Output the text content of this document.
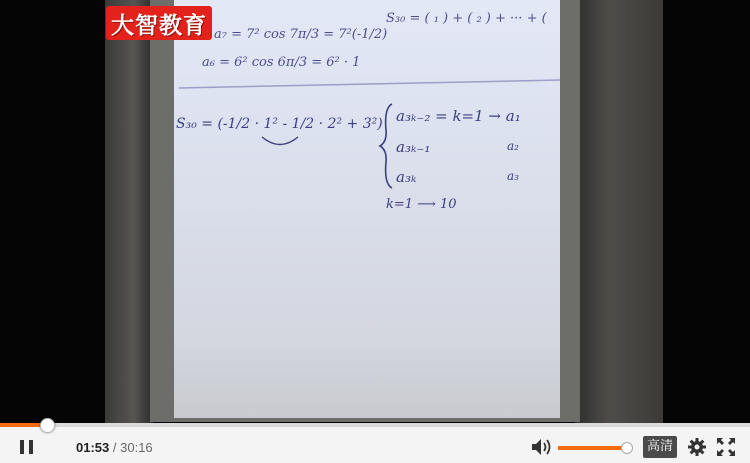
a₇ = 7² cos 7π/3 = 7²(-1/2)
a₆ = 6² cos 6π/3 = 6² · 1
S₃₀ = ( ₁ ) + ( ₂ ) + ··· + (
S₃₀ = (-1/2 · 1² - 1/2 · 2² + 3²) a₃ₖ₋₂ = k=1 → a₁
a₃ₖ₋₁
a₃ₖ
a₂
a₃
k=1 ⟶ 10
大智教育
01:53 / 30:16	高清
